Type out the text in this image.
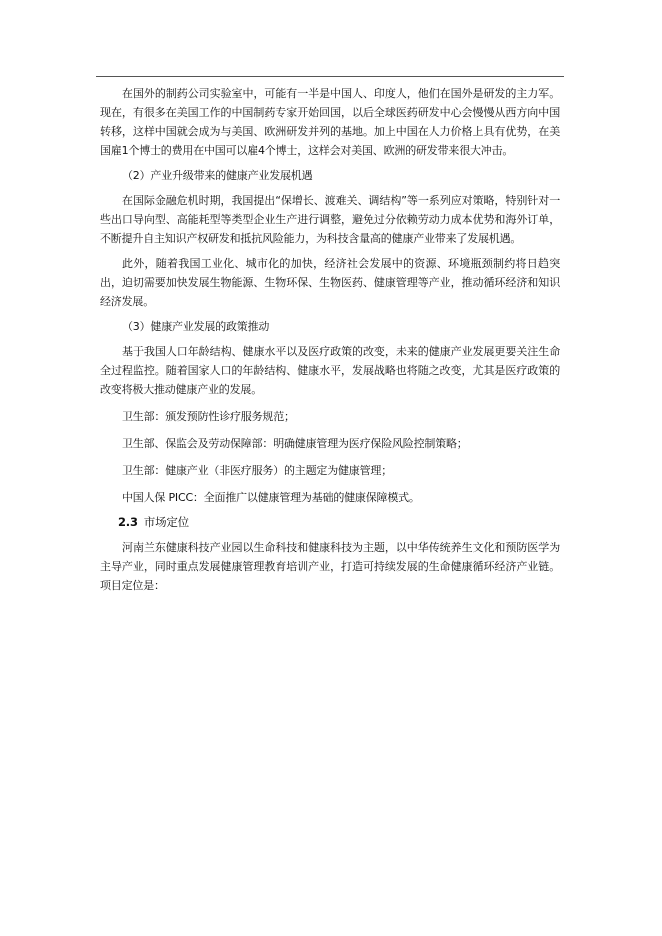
在国外的制药公司实验室中，可能有一半是中国人、印度人，他们在国外是研发的主力军。现在，有很多在美国工作的中国制药专家开始回国，以后全球医药研发中心会慢慢从西方向中国转移，这样中国就会成为与美国、欧洲研发并列的基地。加上中国在人力价格上具有优势，在美国雇1个博士的费用在中国可以雇4个博士，这样会对美国、欧洲的研发带来很大冲击。

（2）产业升级带来的健康产业发展机遇

在国际金融危机时期，我国提出“保增长、渡难关、调结构”等一系列应对策略，特别针对一些出口导向型、高能耗型等类型企业生产进行调整，避免过分依赖劳动力成本优势和海外订单，不断提升自主知识产权研发和抵抗风险能力，为科技含量高的健康产业带来了发展机遇。

此外，随着我国工业化、城市化的加快，经济社会发展中的资源、环境瓶颈制约将日趋突出，迫切需要加快发展生物能源、生物环保、生物医药、健康管理等产业，推动循环经济和知识经济发展。

（3）健康产业发展的政策推动

基于我国人口年龄结构、健康水平以及医疗政策的改变，未来的健康产业发展更要关注生命全过程监控。随着国家人口的年龄结构、健康水平，发展战略也将随之改变，尤其是医疗政策的改变将极大推动健康产业的发展。

卫生部：颁发预防性诊疗服务规范；

卫生部、保监会及劳动保障部：明确健康管理为医疗保险风险控制策略；

卫生部：健康产业（非医疗服务）的主题定为健康管理；

中国人保 PICC：全面推广以健康管理为基础的健康保障模式。

2.3 市场定位

河南兰东健康科技产业园以生命科技和健康科技为主题，以中华传统养生文化和预防医学为主导产业，同时重点发展健康管理教育培训产业，打造可持续发展的生命健康循环经济产业链。项目定位是：
